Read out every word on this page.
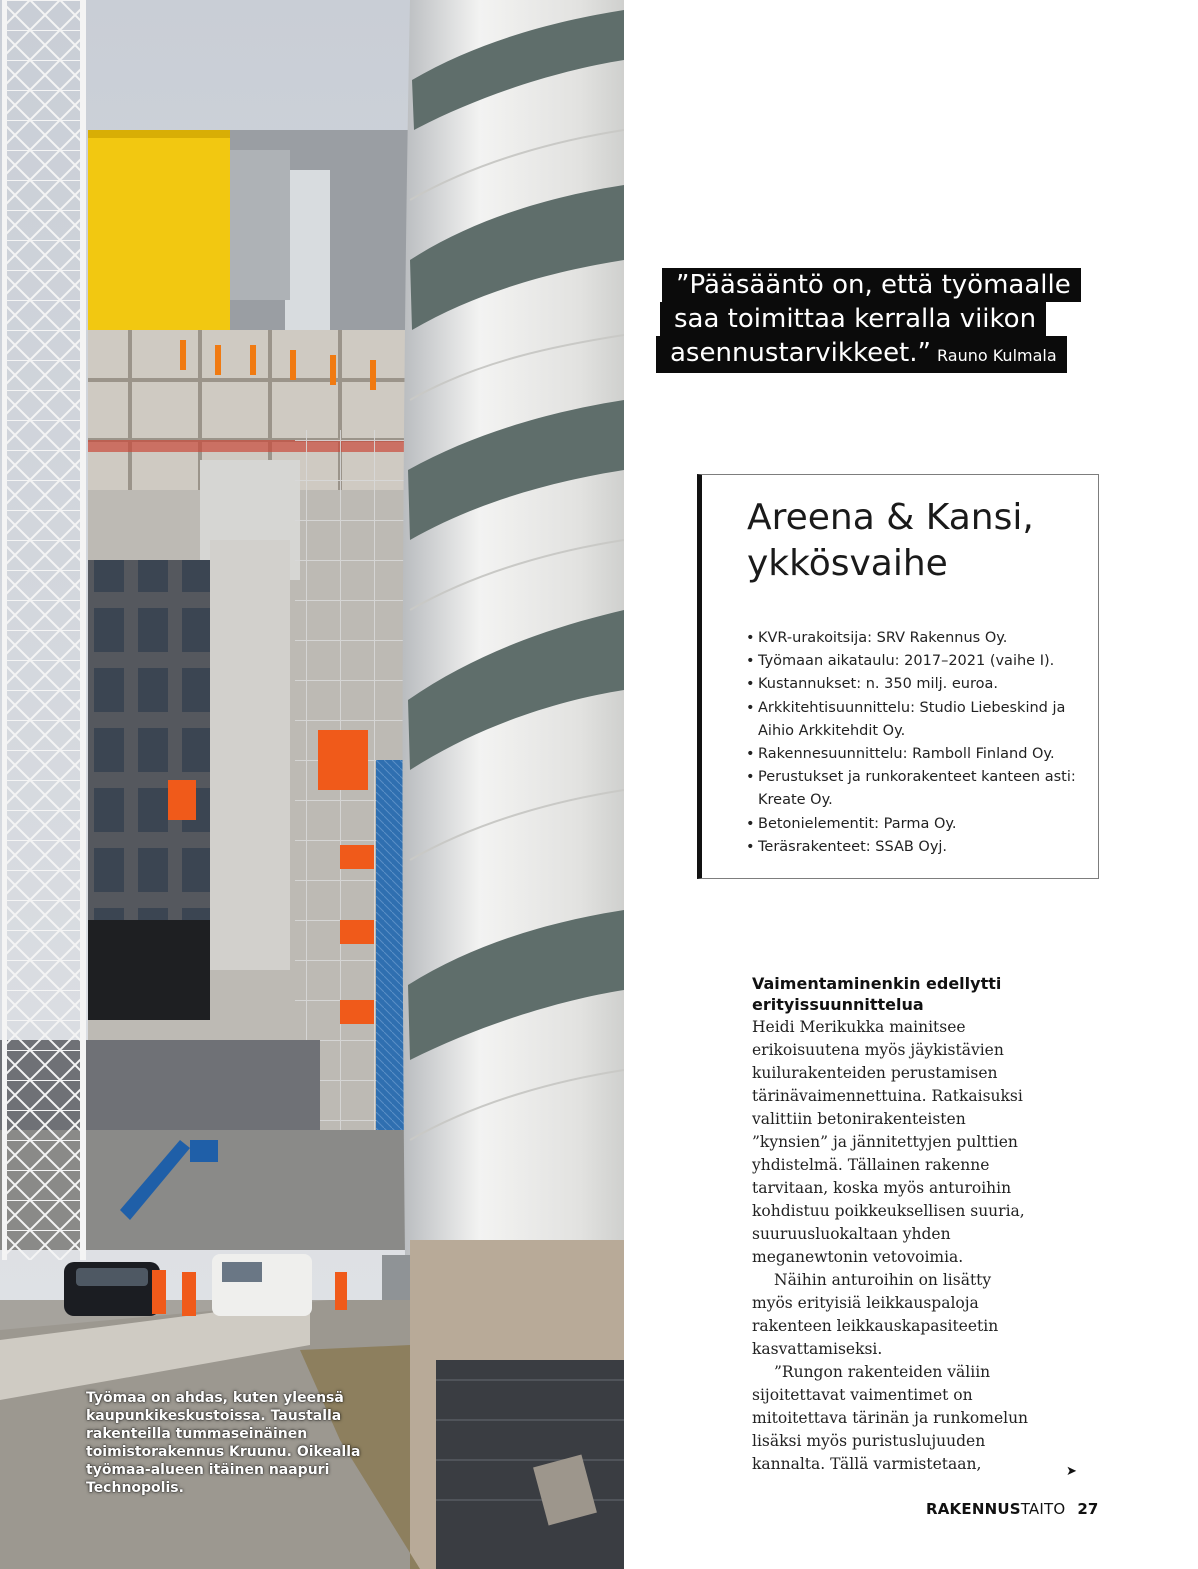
Työmaa on ahdas, kuten yleensä kaupunkikeskustoissa. Taustalla rakenteilla tummaseinäinen toimistorakennus Kruunu. Oikealla työmaa-alueen itäinen naapuri Technopolis.

”Pääsääntö on, että työmaalle
saa toimittaa kerralla viikon
asennustarvikkeet.” Rauno Kulmala
Areena & Kansi,
ykkösvaihe
• KVR-urakoitsija: SRV Rakennus Oy.
• Työmaan aikataulu: 2017–2021 (vaihe I).
• Kustannukset: n. 350 milj. euroa.
• Arkkitehtisuunnittelu: Studio Liebeskind ja Aihio Arkkitehdit Oy.
• Rakennesuunnittelu: Ramboll Finland Oy.
• Perustukset ja runkorakenteet kanteen asti: Kreate Oy.
• Betonielementit: Parma Oy.
• Teräsrakenteet: SSAB Oyj.
Vaimentaminenkin edellytti erityissuunnittelua

Heidi Merikukka mainitsee erikoisuutena myös jäykistävien kuilurakenteiden perustamisen tärinävaimennettuina. Ratkaisuksi valittiin betonirakenteisten ”kynsien” ja jännitettyjen pulttien yhdistelmä. Tällainen rakenne tarvitaan, koska myös anturoihin kohdistuu poikkeuksellisen suuria, suuruusluokaltaan yhden meganewtonin vetovoimia.

Näihin anturoihin on lisätty myös erityisiä leikkauspaloja rakenteen leikkauskapasiteetin kasvattamiseksi.

”Rungon rakenteiden väliin sijoitettavat vaimentimet on mitoitettava tärinän ja runkomelun lisäksi myös puristuslujuuden kannalta. Tällä varmistetaan,	➤
RAKENNUSTAITO 27
